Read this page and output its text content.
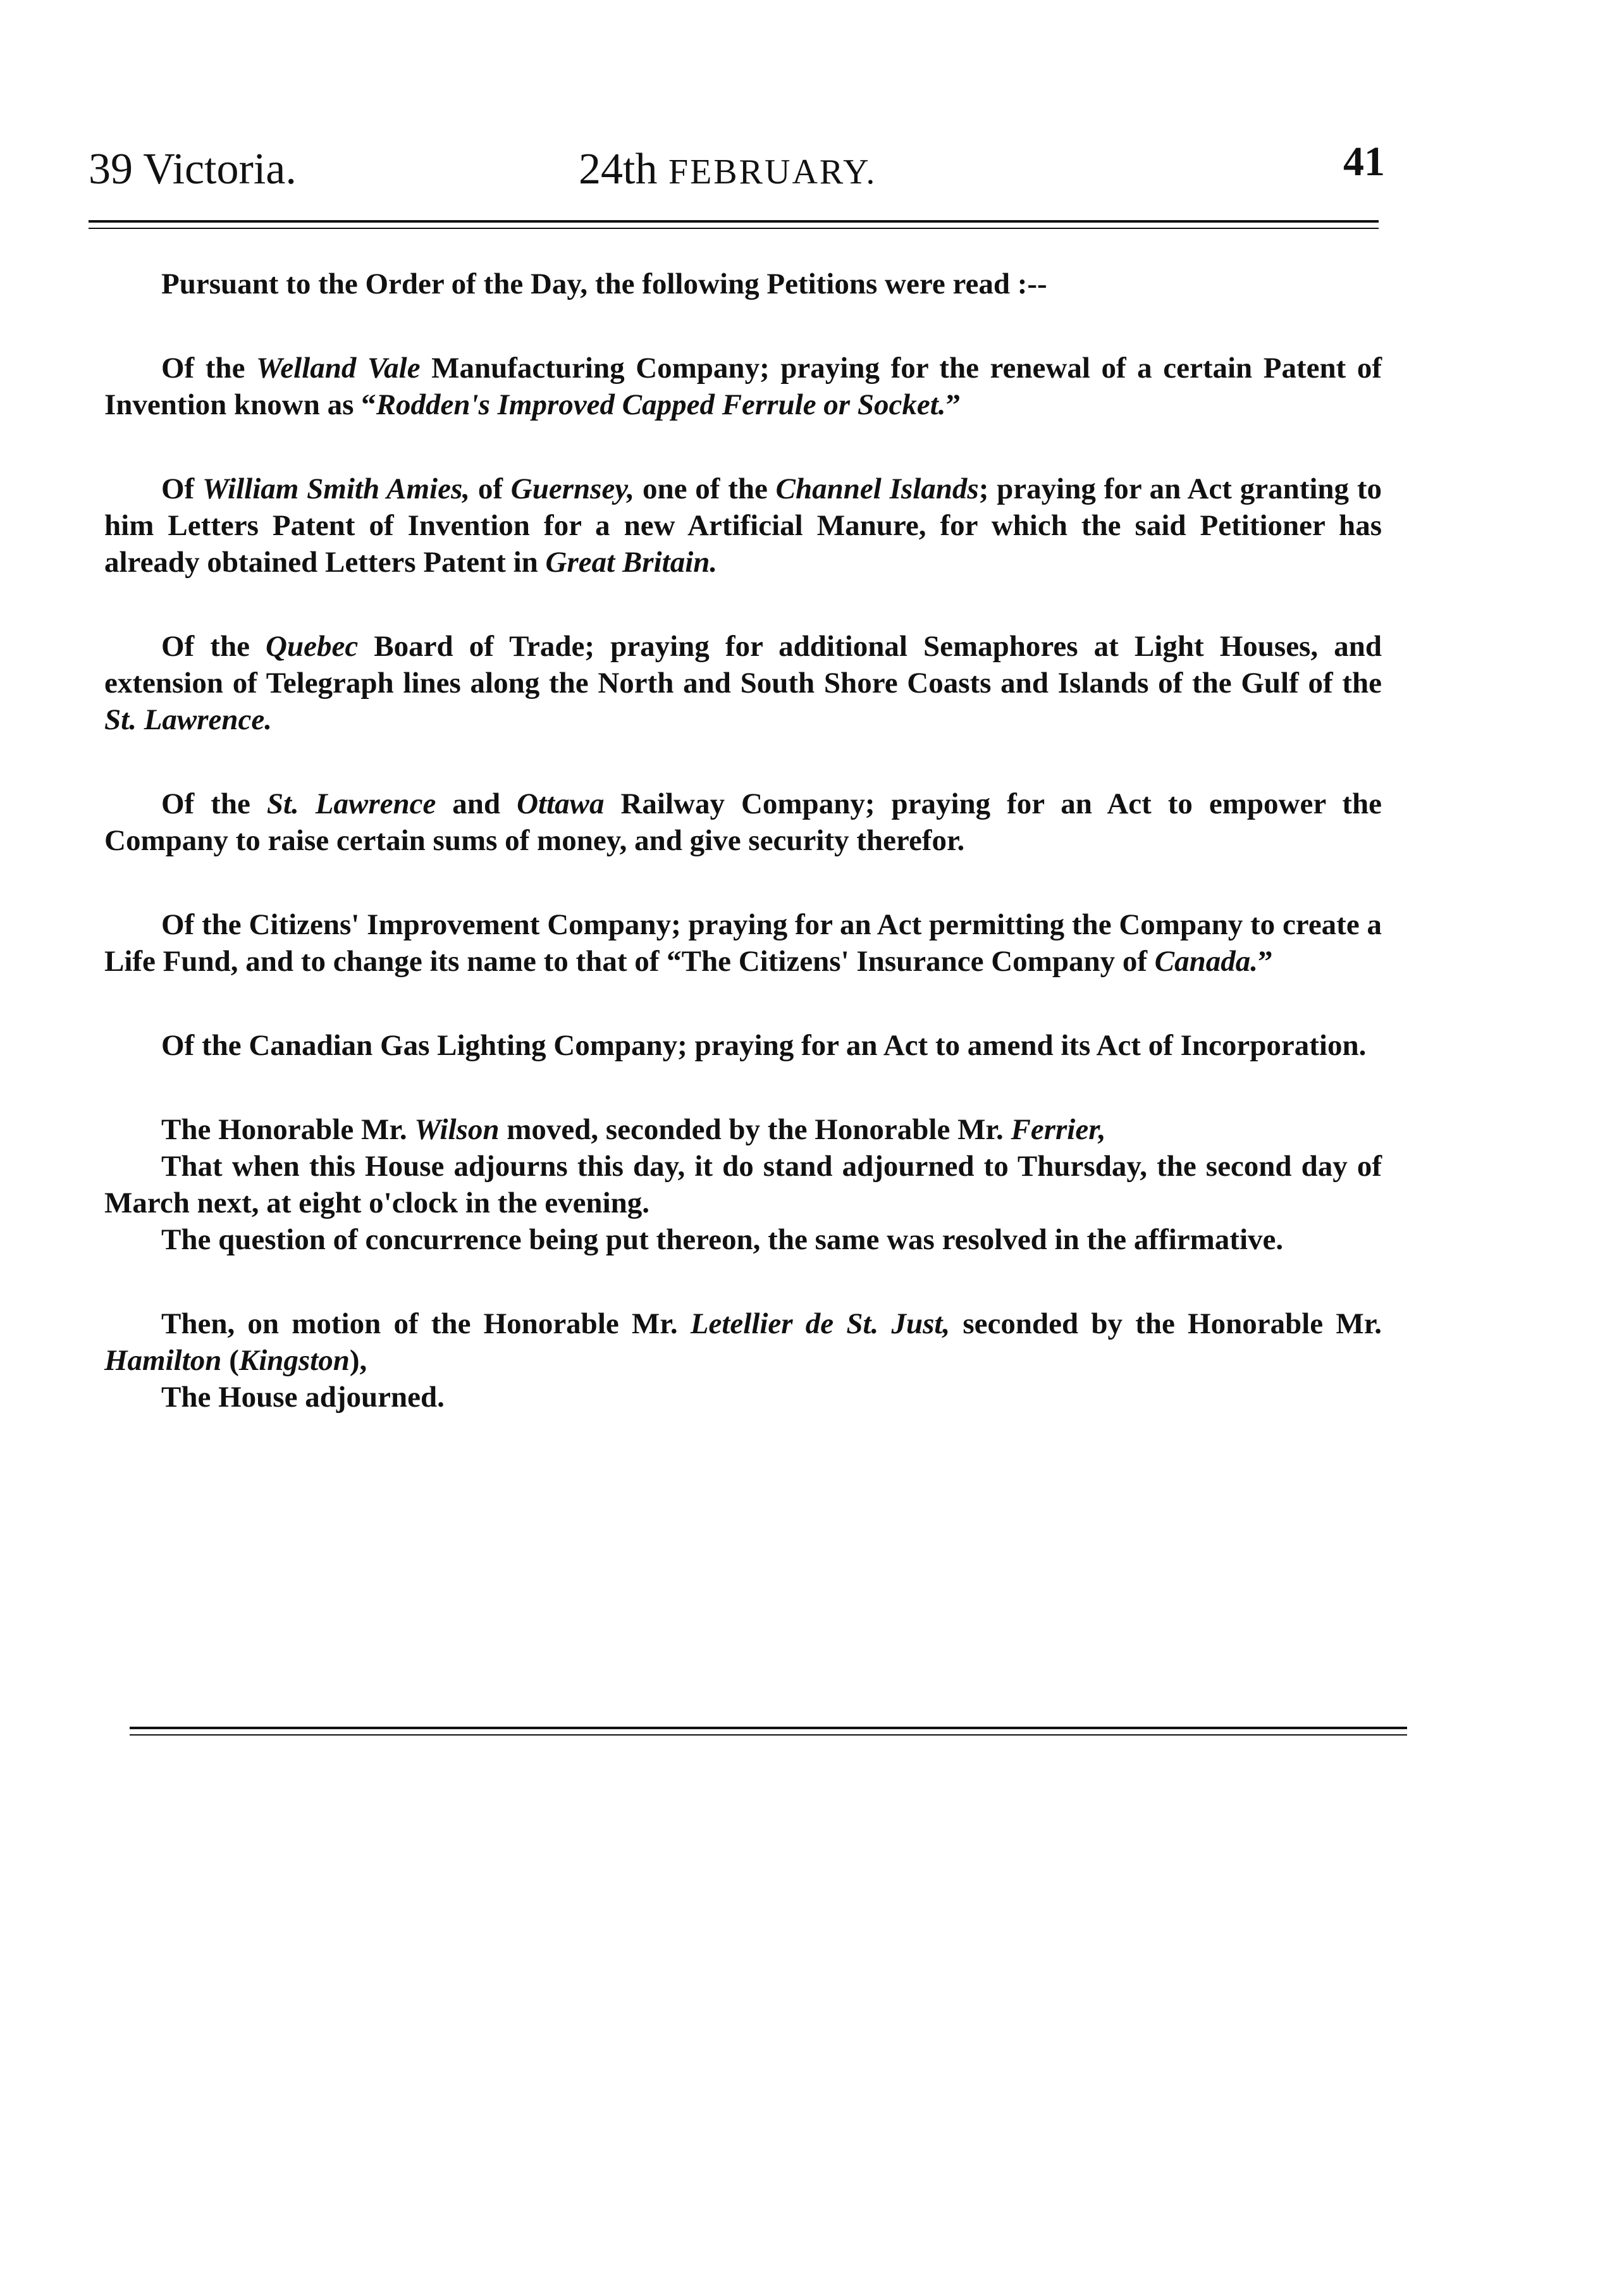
39 Victoria.	24th FEBRUARY.	41

Pursuant to the Order of the Day, the following Petitions were read :--

Of the Welland Vale Manufacturing Company; praying for the renewal of a certain Patent of Invention known as “Rodden's Improved Capped Ferrule or Socket.”

Of William Smith Amies, of Guernsey, one of the Channel Islands; praying for an Act granting to him Letters Patent of Invention for a new Artificial Manure, for which the said Petitioner has already obtained Letters Patent in Great Britain.

Of the Quebec Board of Trade; praying for additional Semaphores at Light Houses, and extension of Telegraph lines along the North and South Shore Coasts and Islands of the Gulf of the St. Lawrence.

Of the St. Lawrence and Ottawa Railway Company; praying for an Act to empower the Company to raise certain sums of money, and give security therefor.

Of the Citizens' Improvement Company; praying for an Act permitting the Company to create a Life Fund, and to change its name to that of “The Citizens' Insurance Company of Canada.”

Of the Canadian Gas Lighting Company; praying for an Act to amend its Act of Incorporation.

The Honorable Mr. Wilson moved, seconded by the Honorable Mr. Ferrier,

That when this House adjourns this day, it do stand adjourned to Thursday, the second day of March next, at eight o'clock in the evening.

The question of concurrence being put thereon, the same was resolved in the affirmative.

Then, on motion of the Honorable Mr. Letellier de St. Just, seconded by the Honorable Mr. Hamilton (Kingston),

The House adjourned.
